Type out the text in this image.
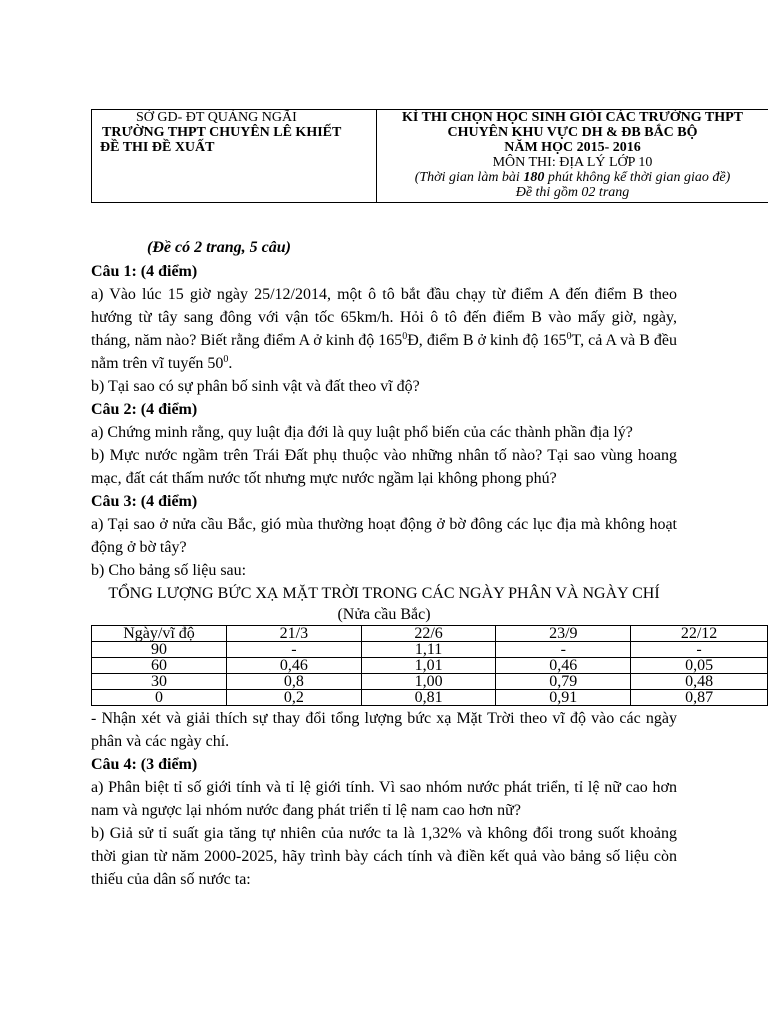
SỞ GD- ĐT QUẢNG NGÃI
TRƯỜNG THPT CHUYÊN LÊ KHIẾT
ĐỀ THI ĐỀ XUẤT
KÌ THI CHỌN HỌC SINH GIỎI CÁC TRƯỜNG THPT
CHUYÊN KHU VỰC DH & ĐB BẮC BỘ
NĂM HỌC 2015- 2016
MÔN THI: ĐỊA LÝ LỚP 10
(Thời gian làm bài 180 phút không kể thời gian giao đề)
Đề thi gồm 02 trang

(Đề có 2 trang, 5 câu)

Câu 1: (4 điểm)

a) Vào lúc 15 giờ ngày 25/12/2014, một ô tô bắt đầu chạy từ điểm A đến điểm B theo hướng từ tây sang đông với vận tốc 65km/h. Hỏi ô tô đến điểm B vào mấy giờ, ngày, tháng, năm nào? Biết rằng điểm A ở kinh độ $165^0Đ$, điểm B ở kinh độ $165^0T$, cả A và B đều nằm trên vĩ tuyến $50^0$.

b) Tại sao có sự phân bố sinh vật và đất theo vĩ độ?

Câu 2: (4 điểm)

a) Chứng minh rằng, quy luật địa đới là quy luật phổ biến của các thành phần địa lý?

b) Mực nước ngầm trên Trái Đất phụ thuộc vào những nhân tố nào? Tại sao vùng hoang mạc, đất cát thấm nước tốt nhưng mực nước ngầm lại không phong phú?

Câu 3: (4 điểm)

a) Tại sao ở nửa cầu Bắc, gió mùa thường hoạt động ở bờ đông các lục địa mà không hoạt động ở bờ tây?

b) Cho bảng số liệu sau:

TỔNG LƯỢNG BỨC XẠ MẶT TRỜI TRONG CÁC NGÀY PHÂN VÀ NGÀY CHÍ

(Nửa cầu Bắc)

Ngày/vĩ độ	21/3	22/6	23/9	22/12
90	-	1,11	-	-
60	0,46	1,01	0,46	0,05
30	0,8	1,00	0,79	0,48
0	0,2	0,81	0,91	0,87

- Nhận xét và giải thích sự thay đổi tổng lượng bức xạ Mặt Trời theo vĩ độ vào các ngày phân và các ngày chí.

Câu 4: (3 điểm)

a) Phân biệt tỉ số giới tính và tỉ lệ giới tính. Vì sao nhóm nước phát triển, tỉ lệ nữ cao hơn nam và ngược lại nhóm nước đang phát triển tỉ lệ nam cao hơn nữ?

b) Giả sử tỉ suất gia tăng tự nhiên của nước ta là 1,32% và không đổi trong suốt khoảng thời gian từ năm 2000-2025, hãy trình bày cách tính và điền kết quả vào bảng số liệu còn thiếu của dân số nước ta:
